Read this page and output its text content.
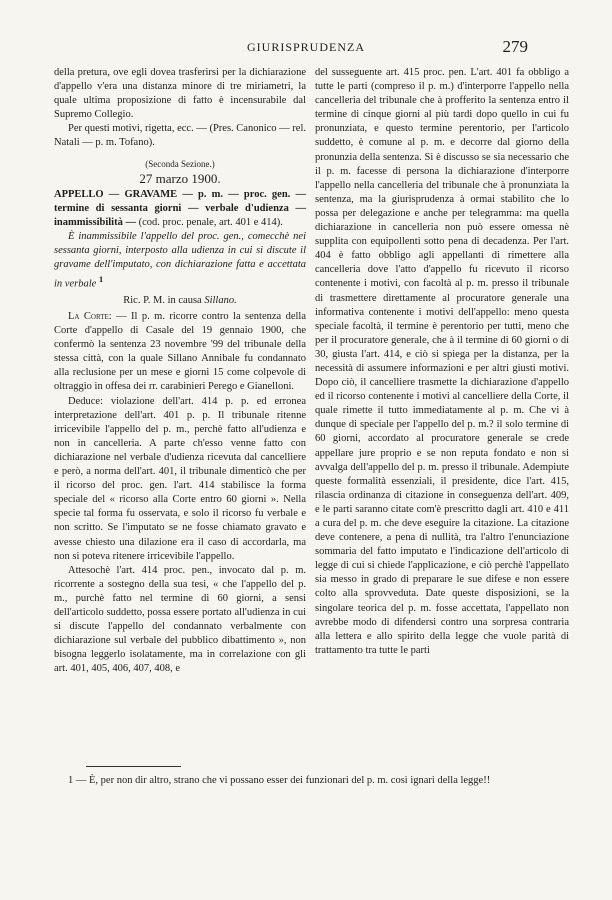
GIURISPRUDENZA	279

della pretura, ove egli dovea trasferirsi per la dichiarazione d'appello v'era una distanza minore di tre miriametri, la quale ultima proposizione di fatto è incensurabile dal Supremo Collegio.

Per questi motivi, rigetta, ecc. — (Pres. Canonico — rel. Natali — p. m. Tofano).

(Seconda Sezione.)

27 marzo 1900.

APPELLO — GRAVAME — p. m. — proc. gen. — termine di sessanta giorni — verbale d'udienza — inammissibilità — (cod. proc. penale, art. 401 e 414).

È inammissibile l'appello del proc. gen., comecchè nei sessanta giorni, interposto alla udienza in cui si discute il gravame dell'imputato, con dichiarazione fatta e accettata in verbale $^1$

Ric. P. M. in causa Sillano.

La Corte: — Il p. m. ricorre contro la sentenza della Corte d'appello di Casale del 19 gennaio 1900, che confermò la sentenza 23 novembre '99 del tribunale della stessa città, con la quale Sillano Annibale fu condannato alla reclusione per un mese e giorni 15 come colpevole di oltraggio in offesa dei rr. carabinieri Perego e Gianelloni.

Deduce: violazione dell'art. 414 p. p. ed erronea interpretazione dell'art. 401 p. p. Il tribunale ritenne irricevibile l'appello del p. m., perchè fatto all'udienza e non in cancelleria. A parte ch'esso venne fatto con dichiarazione nel verbale d'udienza ricevuta dal cancelliere e però, a norma dell'art. 401, il tribunale dimenticò che per il ricorso del proc. gen. l'art. 414 stabilisce la forma speciale del « ricorso alla Corte entro 60 giorni ». Nella specie tal forma fu osservata, e solo il ricorso fu verbale e non scritto. Se l'imputato se ne fosse chiamato gravato e avesse chiesto una dilazione era il caso di accordarla, ma non si poteva ritenere irricevibile l'appello.

Attesochè l'art. 414 proc. pen., invocato dal p. m. ricorrente a sostegno della sua tesi, « che l'appello del p. m., purchè fatto nel termine di 60 giorni, a sensi dell'articolo suddetto, possa essere portato all'udienza in cui si discute l'appello del condannato verbalmente con dichiarazione sul verbale del pubblico dibattimento », non bisogna leggerlo isolatamente, ma in correlazione con gli art. 401, 405, 406, 407, 408, e

del susseguente art. 415 proc. pen. L'art. 401 fa obbligo a tutte le parti (compreso il p. m.) d'interporre l'appello nella cancelleria del tribunale che à profferito la sentenza entro il termine di cinque giorni al più tardi dopo quello in cui fu pronunziata, e questo termine perentorio, per l'articolo suddetto, è comune al p. m. e decorre dal giorno della pronunzia della sentenza. Si è discusso se sia necessario che il p. m. facesse di persona la dichiarazione d'interporre l'appello nella cancelleria del tribunale che à pronunziata la sentenza, ma la giurisprudenza à ormai stabilito che lo possa per delegazione e anche per telegramma: ma quella dichiarazione in cancelleria non può essere omessa nè supplita con equipollenti sotto pena di decadenza. Per l'art. 404 è fatto obbligo agli appellanti di rimettere alla cancelleria dove l'atto d'appello fu ricevuto il ricorso contenente i motivi, con facoltà al p. m. presso il tribunale di trasmettere direttamente al procuratore generale una informativa contenente i motivi dell'appello: meno questa speciale facoltà, il termine è perentorio per tutti, meno che per il procuratore generale, che à il termine di 60 giorni o di 30, giusta l'art. 414, e ciò si spiega per la distanza, per la necessità di assumere informazioni e per altri giusti motivi. Dopo ciò, il cancelliere trasmette la dichiarazione d'appello ed il ricorso contenente i motivi al cancelliere della Corte, il quale rimette il tutto immediatamente al p. m. Che vi à dunque di speciale per l'appello del p. m.? il solo termine di 60 giorni, accordato al procuratore generale se crede appellare jure proprio e se non reputa fondato e non si avvalga dell'appello del p. m. presso il tribunale. Adempiute queste formalità essenziali, il presidente, dice l'art. 415, rilascia ordinanza di citazione in conseguenza dell'art. 409, e le parti saranno citate com'è prescritto dagli art. 410 e 411 a cura del p. m. che deve eseguire la citazione. La citazione deve contenere, a pena di nullità, tra l'altro l'enunciazione sommaria del fatto imputato e l'indicazione dell'articolo di legge di cui si chiede l'applicazione, e ciò perchè l'appellato sia messo in grado di preparare le sue difese e non essere colto alla sprovveduta. Date queste disposizioni, se la singolare teorica del p. m. fosse accettata, l'appellato non avrebbe modo di difendersi contro una sorpresa contraria alla lettera e allo spirito della legge che vuole parità di trattamento tra tutte le parti

1 — È, per non dir altro, strano che vi possano esser dei funzionari del p. m. così ignari della legge!!
